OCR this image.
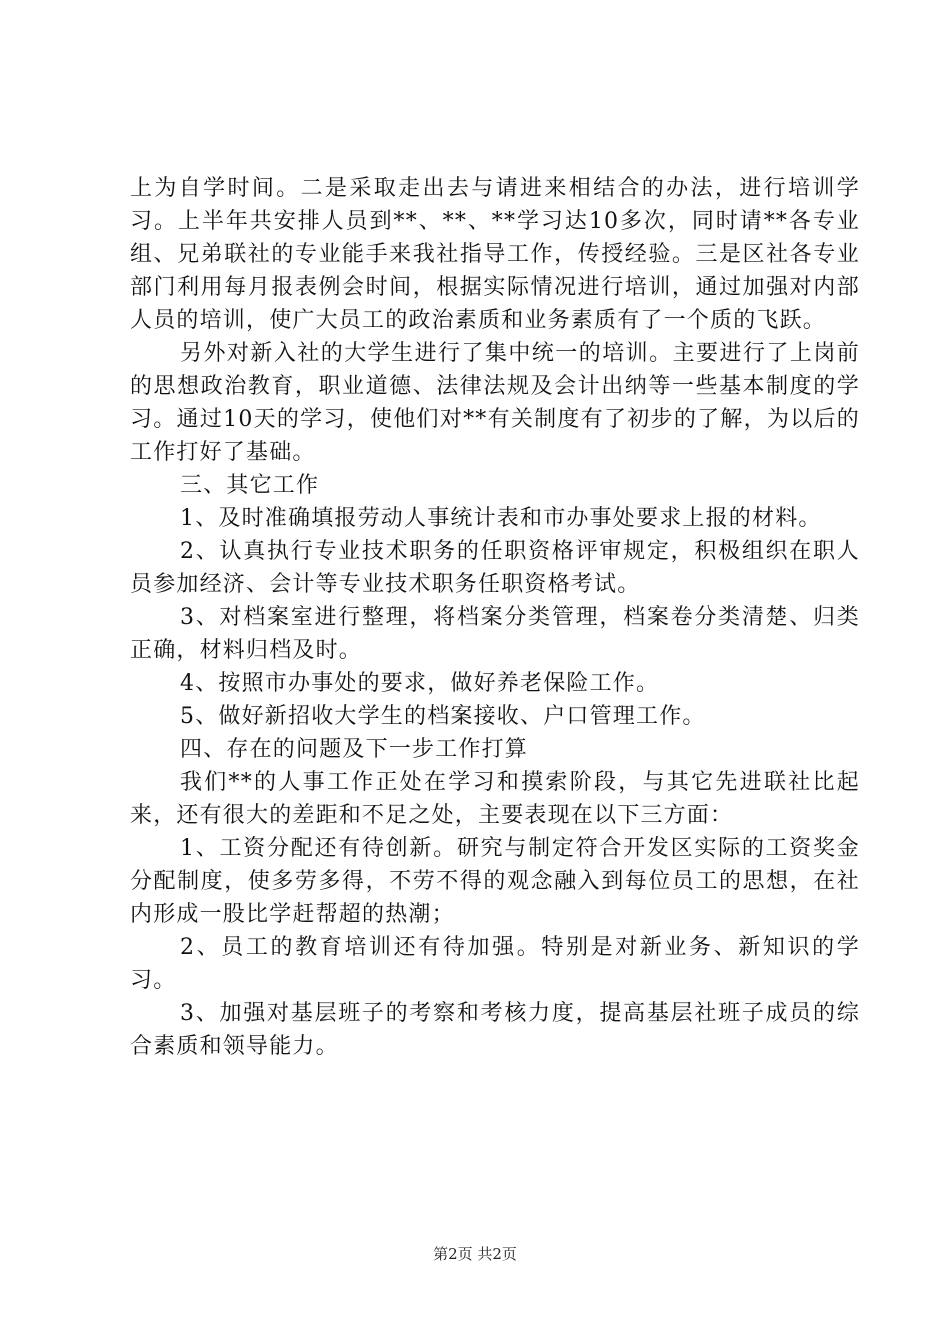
上为自学时间。二是采取走出去与请进来相结合的办法，进行培训学习。上半年共安排人员到**、**、**学习达10多次，同时请**各专业组、兄弟联社的专业能手来我社指导工作，传授经验。三是区社各专业部门利用每月报表例会时间，根据实际情况进行培训，通过加强对内部人员的培训，使广大员工的政治素质和业务素质有了一个质的飞跃。

另外对新入社的大学生进行了集中统一的培训。主要进行了上岗前的思想政治教育，职业道德、法律法规及会计出纳等一些基本制度的学习。通过10天的学习，使他们对**有关制度有了初步的了解，为以后的工作打好了基础。

三、其它工作

1、及时准确填报劳动人事统计表和市办事处要求上报的材料。

2、认真执行专业技术职务的任职资格评审规定，积极组织在职人员参加经济、会计等专业技术职务任职资格考试。

3、对档案室进行整理，将档案分类管理，档案卷分类清楚、归类正确，材料归档及时。

4、按照市办事处的要求，做好养老保险工作。

5、做好新招收大学生的档案接收、户口管理工作。

四、存在的问题及下一步工作打算

我们**的人事工作正处在学习和摸索阶段，与其它先进联社比起来，还有很大的差距和不足之处，主要表现在以下三方面：

1、工资分配还有待创新。研究与制定符合开发区实际的工资奖金分配制度，使多劳多得，不劳不得的观念融入到每位员工的思想，在社内形成一股比学赶帮超的热潮；

2、员工的教育培训还有待加强。特别是对新业务、新知识的学习。

3、加强对基层班子的考察和考核力度，提高基层社班子成员的综合素质和领导能力。

第2页 共2页
